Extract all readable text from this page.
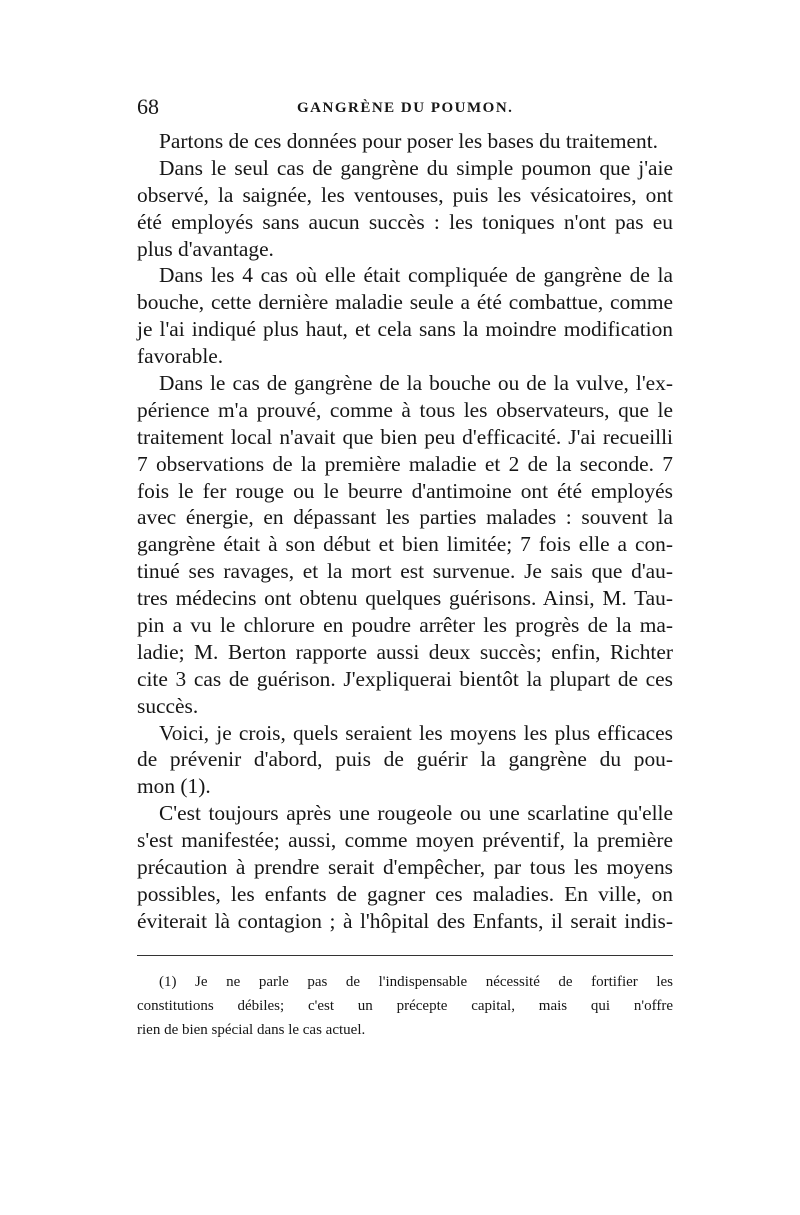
68	GANGRÈNE DU POUMON.
Partons de ces données pour poser les bases du traitement.
Dans le seul cas de gangrène du simple poumon que j'aie
observé, la saignée, les ventouses, puis les vésicatoires, ont
été employés sans aucun succès : les toniques n'ont pas eu
plus d'avantage.
Dans les 4 cas où elle était compliquée de gangrène de la
bouche, cette dernière maladie seule a été combattue, comme
je l'ai indiqué plus haut, et cela sans la moindre modification
favorable.
Dans le cas de gangrène de la bouche ou de la vulve, l'ex-
périence m'a prouvé, comme à tous les observateurs, que le
traitement local n'avait que bien peu d'efficacité. J'ai recueilli
7 observations de la première maladie et 2 de la seconde. 7
fois le fer rouge ou le beurre d'antimoine ont été employés
avec énergie, en dépassant les parties malades : souvent la
gangrène était à son début et bien limitée; 7 fois elle a con-
tinué ses ravages, et la mort est survenue. Je sais que d'au-
tres médecins ont obtenu quelques guérisons. Ainsi, M. Tau-
pin a vu le chlorure en poudre arrêter les progrès de la ma-
ladie; M. Berton rapporte aussi deux succès; enfin, Richter
cite 3 cas de guérison. J'expliquerai bientôt la plupart de ces
succès.
Voici, je crois, quels seraient les moyens les plus efficaces
de prévenir d'abord, puis de guérir la gangrène du pou-
mon (1).
C'est toujours après une rougeole ou une scarlatine qu'elle
s'est manifestée; aussi, comme moyen préventif, la première
précaution à prendre serait d'empêcher, par tous les moyens
possibles, les enfants de gagner ces maladies. En ville, on
éviterait là contagion ; à l'hôpital des Enfants, il serait indis-
(1) Je ne parle pas de l'indispensable nécessité de fortifier les
constitutions débiles; c'est un précepte capital, mais qui n'offre
rien de bien spécial dans le cas actuel.
